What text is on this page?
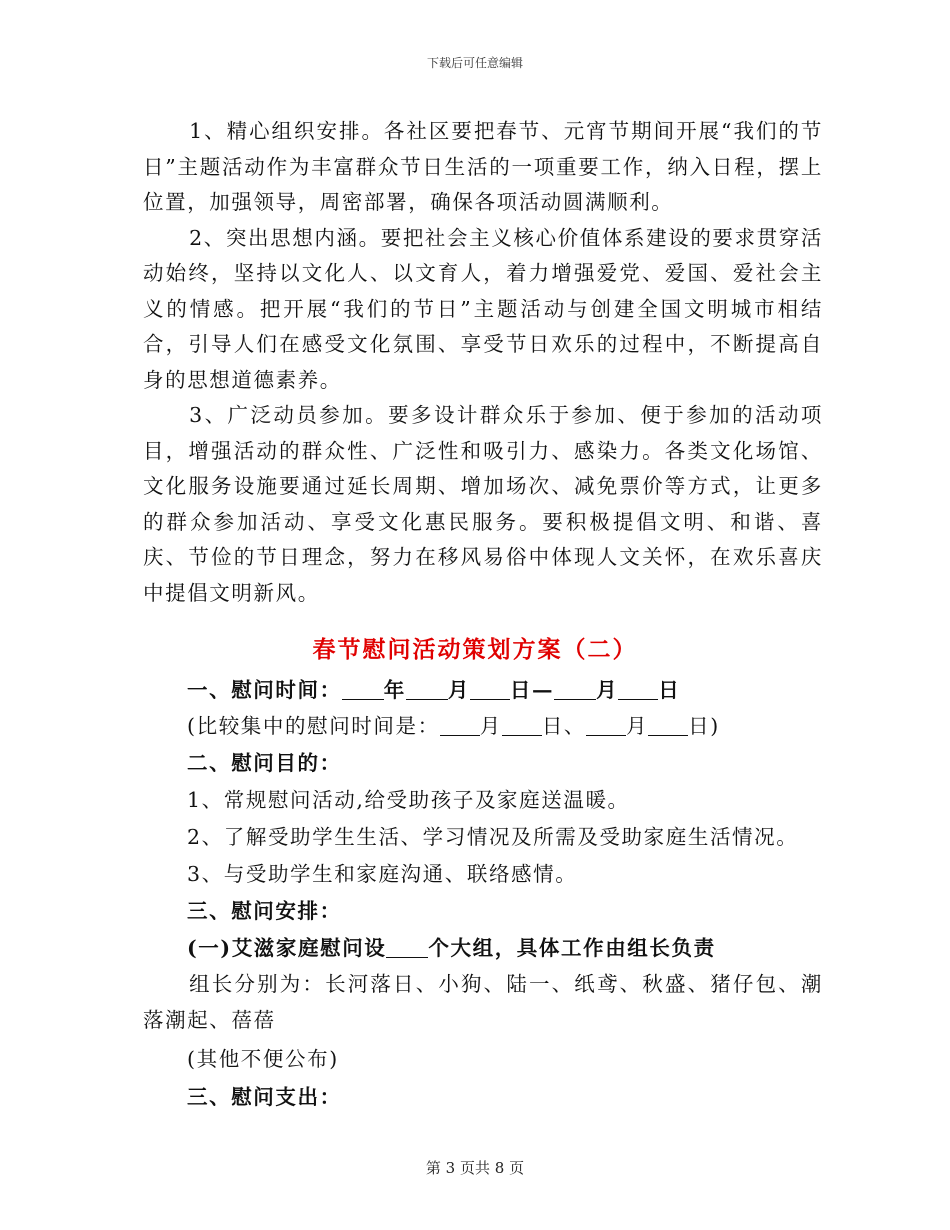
下载后可任意编辑

1、精心组织安排。各社区要把春节、元宵节期间开展“我们的节日”主题活动作为丰富群众节日生活的一项重要工作，纳入日程，摆上位置，加强领导，周密部署，确保各项活动圆满顺利。

2、突出思想内涵。要把社会主义核心价值体系建设的要求贯穿活动始终，坚持以文化人、以文育人，着力增强爱党、爱国、爱社会主义的情感。把开展“我们的节日”主题活动与创建全国文明城市相结合，引导人们在感受文化氛围、享受节日欢乐的过程中，不断提高自身的思想道德素养。

3、广泛动员参加。要多设计群众乐于参加、便于参加的活动项目，增强活动的群众性、广泛性和吸引力、感染力。各类文化场馆、文化服务设施要通过延长周期、增加场次、减免票价等方式，让更多的群众参加活动、享受文化惠民服务。要积极提倡文明、和谐、喜庆、节俭的节日理念，努力在移风易俗中体现人文关怀，在欢乐喜庆中提倡文明新风。

春节慰问活动策划方案（二）
一、慰问时间： 年 月 日— 月 日
(比较集中的慰问时间是： 月 日、 月 日)
二、慰问目的：
1、常规慰问活动,给受助孩子及家庭送温暖。
2、了解受助学生生活、学习情况及所需及受助家庭生活情况。
3、与受助学生和家庭沟通、联络感情。
三、慰问安排：
(一)艾滋家庭慰问设 个大组，具体工作由组长负责

组长分别为：长河落日、小狗、陆一、纸鸢、秋盛、猪仔包、潮落潮起、蓓蓓

(其他不便公布)
三、慰问支出：
第 3 页共 8 页
